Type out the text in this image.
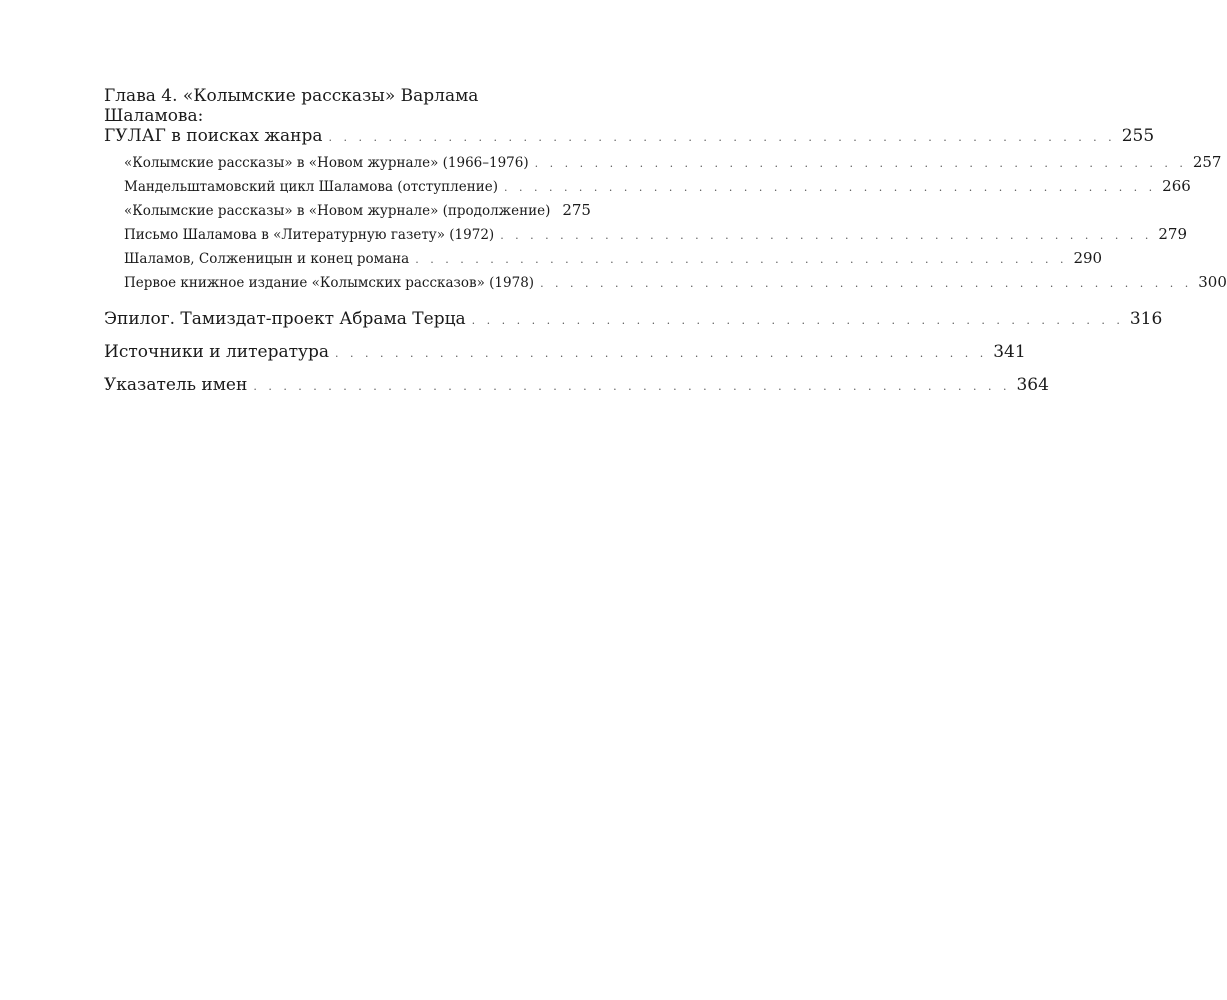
Глава 4. «Колымские рассказы» Варлама Шаламова:

ГУЛАГ в поисках жанра . . . . . . . . . . . . . . . . . . . . . . . . . . . . . . . . . . . . . . . . . . . . . . . . . . . . . 255
«Колымские рассказы» в «Новом журнале» (1966–1976) . . . . . . . . . . . . . . . . . . . . . . . . . . . . . . . . . . . . . . . . . . . . 257
Мандельштамовский цикл Шаламова (отступление) . . . . . . . . . . . . . . . . . . . . . . . . . . . . . . . . . . . . . . . . . . . . 266
«Колымские рассказы» в «Новом журнале» (продолжение) 275
Письмо Шаламова в «Литературную газету» (1972) . . . . . . . . . . . . . . . . . . . . . . . . . . . . . . . . . . . . . . . . . . . . 279
Шаламов, Солженицын и конец романа . . . . . . . . . . . . . . . . . . . . . . . . . . . . . . . . . . . . . . . . . . . . 290
Первое книжное издание «Колымских рассказов» (1978) . . . . . . . . . . . . . . . . . . . . . . . . . . . . . . . . . . . . . . . . . . . . 300
Эпилог. Тамиздат-проект Абрама Терца . . . . . . . . . . . . . . . . . . . . . . . . . . . . . . . . . . . . . . . . . . . . 316
Источники и литература . . . . . . . . . . . . . . . . . . . . . . . . . . . . . . . . . . . . . . . . . . . . 341
Указатель имен . . . . . . . . . . . . . . . . . . . . . . . . . . . . . . . . . . . . . . . . . . . . . . . . . . . 364
